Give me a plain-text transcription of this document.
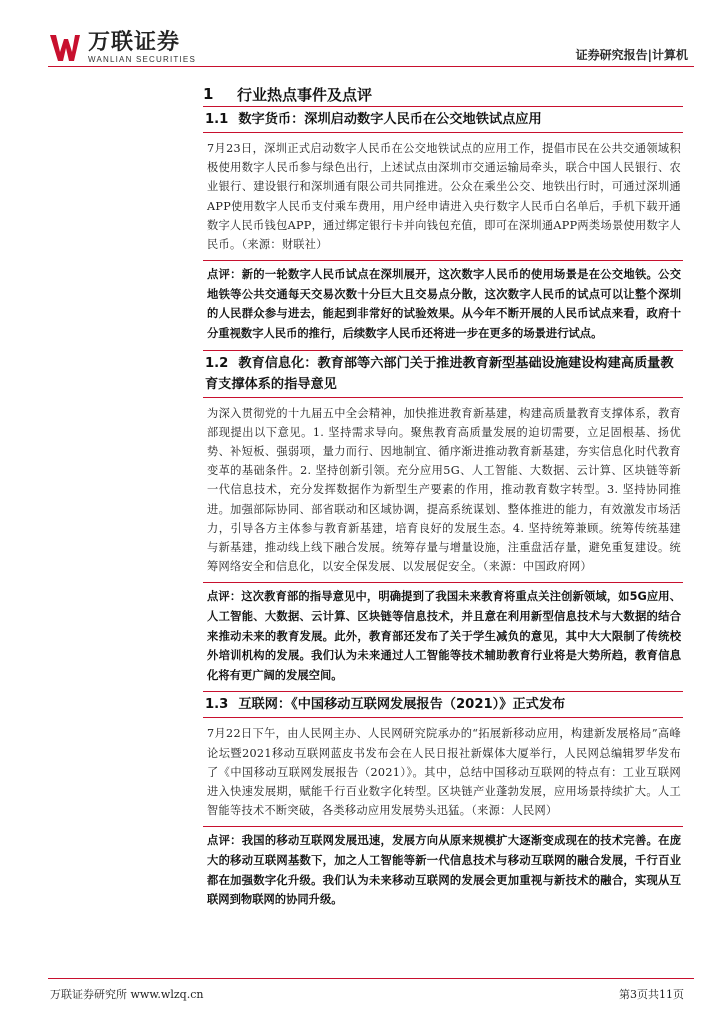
万联证券
WANLIAN SECURITIES	证券研究报告|计算机
1	行业热点事件及点评
1.1 数字货币：深圳启动数字人民币在公交地铁试点应用
7月23日，深圳正式启动数字人民币在公交地铁试点的应用工作，提倡市民在公共交通领域积极使用数字人民币参与绿色出行，上述试点由深圳市交通运输局牵头，联合中国人民银行、农业银行、建设银行和深圳通有限公司共同推进。公众在乘坐公交、地铁出行时，可通过深圳通APP使用数字人民币支付乘车费用，用户经申请进入央行数字人民币白名单后，手机下载开通数字人民币钱包APP，通过绑定银行卡并向钱包充值，即可在深圳通APP两类场景使用数字人民币。（来源：财联社）
点评：新的一轮数字人民币试点在深圳展开，这次数字人民币的使用场景是在公交地铁。公交地铁等公共交通每天交易次数十分巨大且交易点分散，这次数字人民币的试点可以让整个深圳的人民群众参与进去，能起到非常好的试验效果。从今年不断开展的人民币试点来看，政府十分重视数字人民币的推行，后续数字人民币还将进一步在更多的场景进行试点。
1.2 教育信息化：教育部等六部门关于推进教育新型基础设施建设构建高质量教育支撑体系的指导意见
为深入贯彻党的十九届五中全会精神，加快推进教育新基建，构建高质量教育支撑体系，教育部现提出以下意见。1. 坚持需求导向。聚焦教育高质量发展的迫切需要，立足固根基、扬优势、补短板、强弱项，量力而行、因地制宜、循序渐进推动教育新基建，夯实信息化时代教育变革的基础条件。2. 坚持创新引领。充分应用5G、人工智能、大数据、云计算、区块链等新一代信息技术，充分发挥数据作为新型生产要素的作用，推动教育数字转型。3. 坚持协同推进。加强部际协同、部省联动和区域协调，提高系统谋划、整体推进的能力，有效激发市场活力，引导各方主体参与教育新基建，培育良好的发展生态。4. 坚持统筹兼顾。统筹传统基建与新基建，推动线上线下融合发展。统筹存量与增量设施，注重盘活存量，避免重复建设。统筹网络安全和信息化，以安全保发展、以发展促安全。（来源：中国政府网）
点评：这次教育部的指导意见中，明确提到了我国未来教育将重点关注创新领域，如5G应用、人工智能、大数据、云计算、区块链等信息技术，并且意在利用新型信息技术与大数据的结合来推动未来的教育发展。此外，教育部还发布了关于学生减负的意见，其中大大限制了传统校外培训机构的发展。我们认为未来通过人工智能等技术辅助教育行业将是大势所趋，教育信息化将有更广阔的发展空间。
1.3 互联网：《中国移动互联网发展报告（2021）》正式发布
7月22日下午，由人民网主办、人民网研究院承办的“拓展新移动应用，构建新发展格局”高峰论坛暨2021移动互联网蓝皮书发布会在人民日报社新媒体大厦举行，人民网总编辑罗华发布了《中国移动互联网发展报告（2021）》。其中，总结中国移动互联网的特点有：工业互联网进入快速发展期，赋能千行百业数字化转型。区块链产业蓬勃发展，应用场景持续扩大。人工智能等技术不断突破，各类移动应用发展势头迅猛。（来源：人民网）
点评：我国的移动互联网发展迅速，发展方向从原来规模扩大逐渐变成现在的技术完善。在庞大的移动互联网基数下，加之人工智能等新一代信息技术与移动互联网的融合发展，千行百业都在加强数字化升级。我们认为未来移动互联网的发展会更加重视与新技术的融合，实现从互联网到物联网的协同升级。
万联证券研究所 www.wlzq.cn	第3页共11页
